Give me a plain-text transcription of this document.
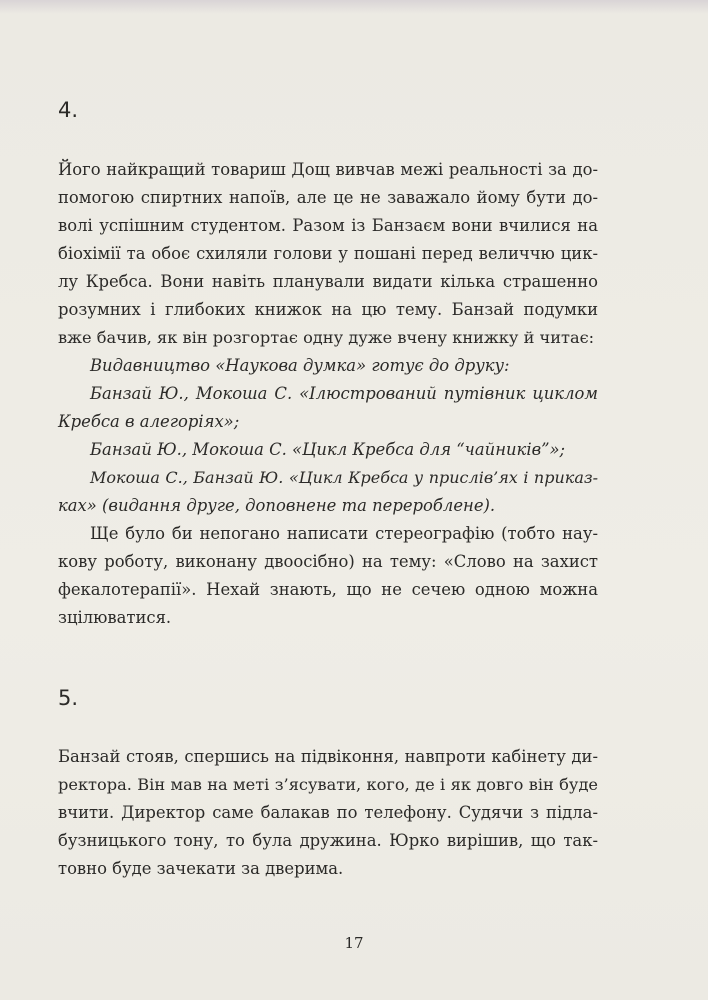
4.
Його найкращий товариш Дощ вивчав межі реальності за до-
помогою спиртних напоїв, але це не заважало йому бути до-
волі успішним студентом. Разом із Банзаєм вони вчилися на
біохімії та обоє схиляли голови у пошані перед величчю цик-
лу Кребса. Вони навіть планували видати кілька страшенно
розумних і глибоких книжок на цю тему. Банзай подумки
вже бачив, як він розгортає одну дуже вчену книжку й читає:
Видавництво «Наукова думка» готує до друку:
Банзай Ю., Мокоша С. «Ілюстрований путівник циклом
Кребса в алегоріях»;
Банзай Ю., Мокоша С. «Цикл Кребса для “чайників”»;
Мокоша С., Банзай Ю. «Цикл Кребса у прислів’ях і приказ-
ках» (видання друге, доповнене та перероблене).
Ще було би непогано написати стереографію (тобто нау-
кову роботу, виконану двоосібно) на тему: «Слово на захист
фекалотерапії». Нехай знають, що не сечею одною можна
зцілюватися.
5.
Банзай стояв, спершись на підвіконня, навпроти кабінету ди-
ректора. Він мав на меті з’ясувати, кого, де і як довго він буде
вчити. Директор саме балакав по телефону. Судячи з підла-
бузницького тону, то була дружина. Юрко вирішив, що так-
товно буде зачекати за дверима.
17
